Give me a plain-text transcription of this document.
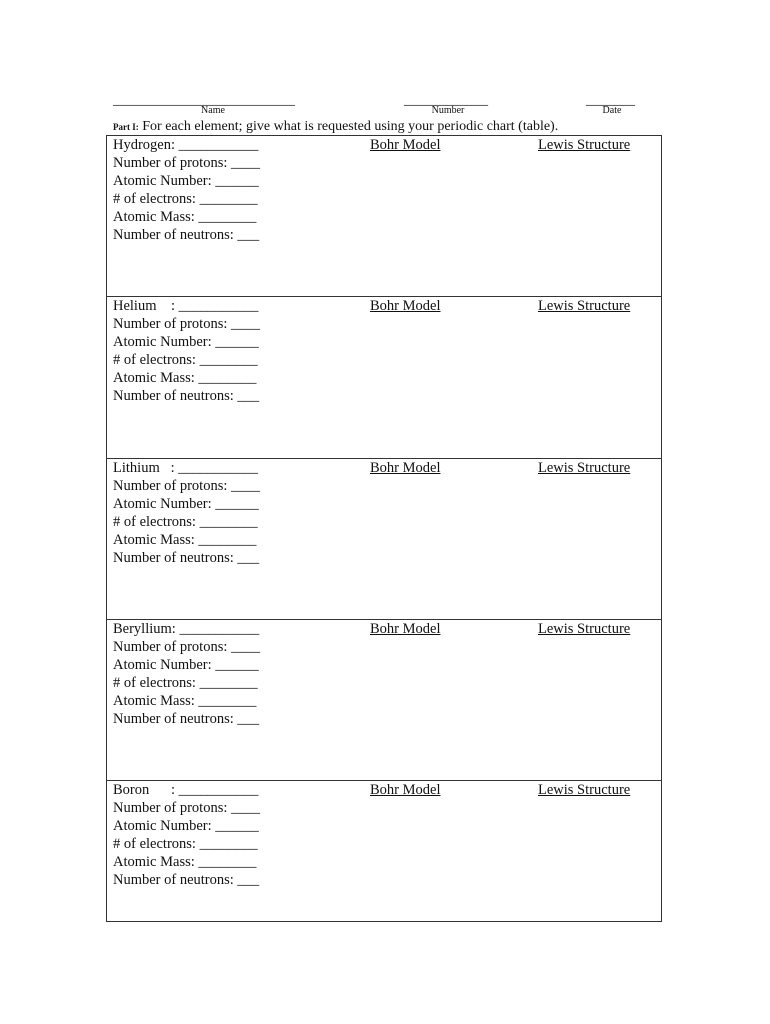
__________________________
Name
____________
Number
_______
Date
Part I: For each element; give what is requested using your periodic chart (table).
Hydrogen: ___________
Number of protons: ____
Atomic Number: ______
# of electrons: ________
Atomic Mass: ________
Number of neutrons: ___
Bohr Model	Lewis Structure
Helium    : ___________
Number of protons: ____
Atomic Number: ______
# of electrons: ________
Atomic Mass: ________
Number of neutrons: ___
Bohr Model	Lewis Structure
Lithium   : ___________
Number of protons: ____
Atomic Number: ______
# of electrons: ________
Atomic Mass: ________
Number of neutrons: ___
Bohr Model	Lewis Structure
Beryllium: ___________
Number of protons: ____
Atomic Number: ______
# of electrons: ________
Atomic Mass: ________
Number of neutrons: ___
Bohr Model	Lewis Structure
Boron      : ___________
Number of protons: ____
Atomic Number: ______
# of electrons: ________
Atomic Mass: ________
Number of neutrons: ___
Bohr Model	Lewis Structure
